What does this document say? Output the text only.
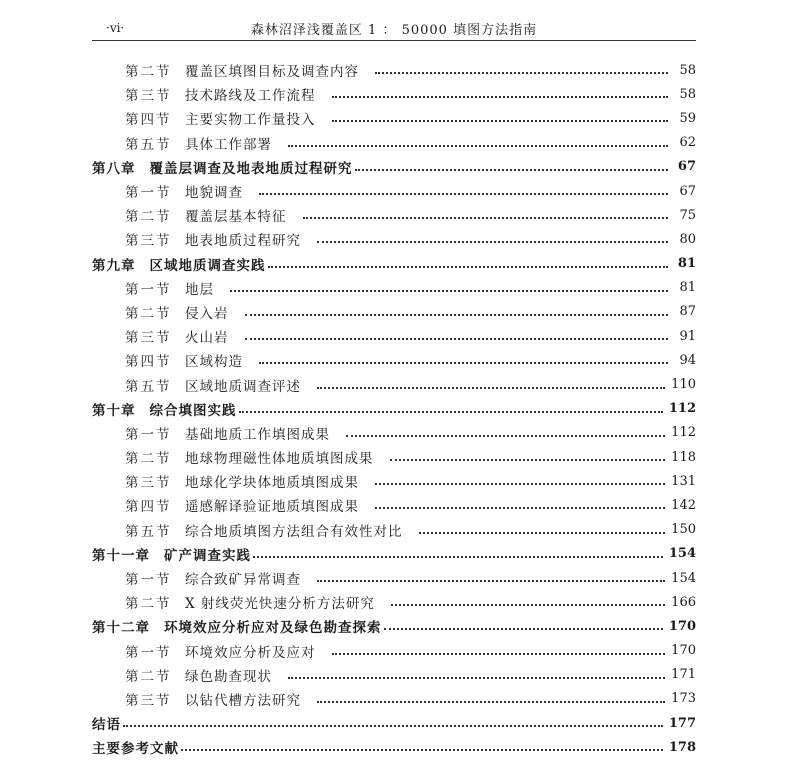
·vi·	森林沼泽浅覆盖区 1 ： 50000 填图方法指南
第二节	覆盖区填图目标及调查内容	58
第三节	技术路线及工作流程	58
第四节	主要实物工作量投入	59
第五节	具体工作部署	62
第八章 覆盖层调查及地表地质过程研究	67
第一节	地貌调查	67
第二节	覆盖层基本特征	75
第三节	地表地质过程研究	80
第九章 区域地质调查实践	81
第一节	地层	81
第二节	侵入岩	87
第三节	火山岩	91
第四节	区域构造	94
第五节	区域地质调查评述	110
第十章 综合填图实践	112
第一节	基础地质工作填图成果	112
第二节	地球物理磁性体地质填图成果	118
第三节	地球化学块体地质填图成果	131
第四节	遥感解译验证地质填图成果	142
第五节	综合地质填图方法组合有效性对比	150
第十一章 矿产调查实践	154
第一节	综合致矿异常调查	154
第二节	X 射线荧光快速分析方法研究	166
第十二章 环境效应分析应对及绿色勘查探索	170
第一节	环境效应分析及应对	170
第二节	绿色勘查现状	171
第三节	以钻代槽方法研究	173
结语	177
主要参考文献	178
